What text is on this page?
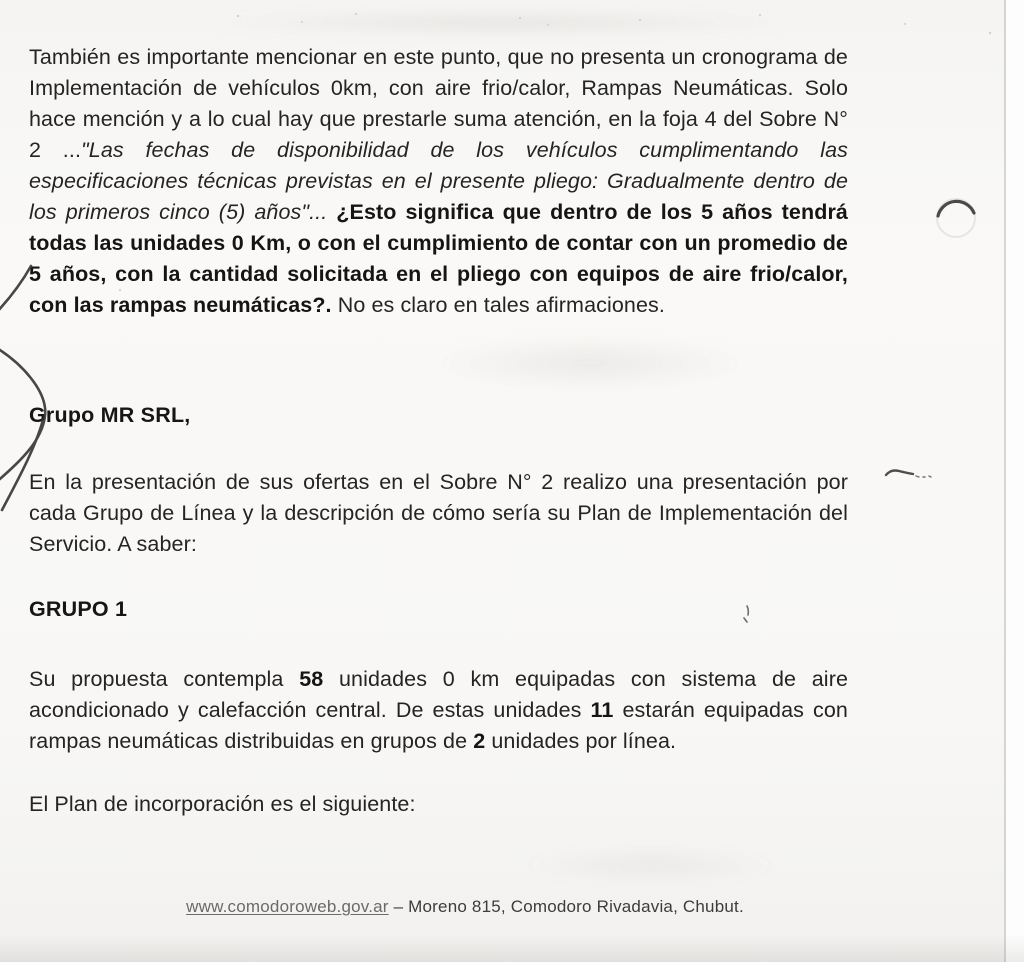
También es importante mencionar en este punto, que no presenta un cronograma de Implementación de vehículos 0km, con aire frio/calor, Rampas Neumáticas. Solo hace mención y a lo cual hay que prestarle suma atención, en la foja 4 del Sobre N° 2 ..."Las fechas de disponibilidad de los vehículos cumplimentando las especificaciones técnicas previstas en el presente pliego: Gradualmente dentro de los primeros cinco (5) años"... ¿Esto significa que dentro de los 5 años tendrá todas las unidades 0 Km, o con el cumplimiento de contar con un promedio de 5 años, con la cantidad solicitada en el pliego con equipos de aire frio/calor, con las rampas neumáticas?. No es claro en tales afirmaciones.

Grupo MR SRL,

En la presentación de sus ofertas en el Sobre N° 2 realizo una presentación por cada Grupo de Línea y la descripción de cómo sería su Plan de Implementación del Servicio. A saber:

GRUPO 1

Su propuesta contempla 58 unidades 0 km equipadas con sistema de aire acondicionado y calefacción central. De estas unidades 11 estarán equipadas con rampas neumáticas distribuidas en grupos de 2 unidades por línea.

El Plan de incorporación es el siguiente:

www.comodoroweb.gov.ar – Moreno 815, Comodoro Rivadavia, Chubut.
